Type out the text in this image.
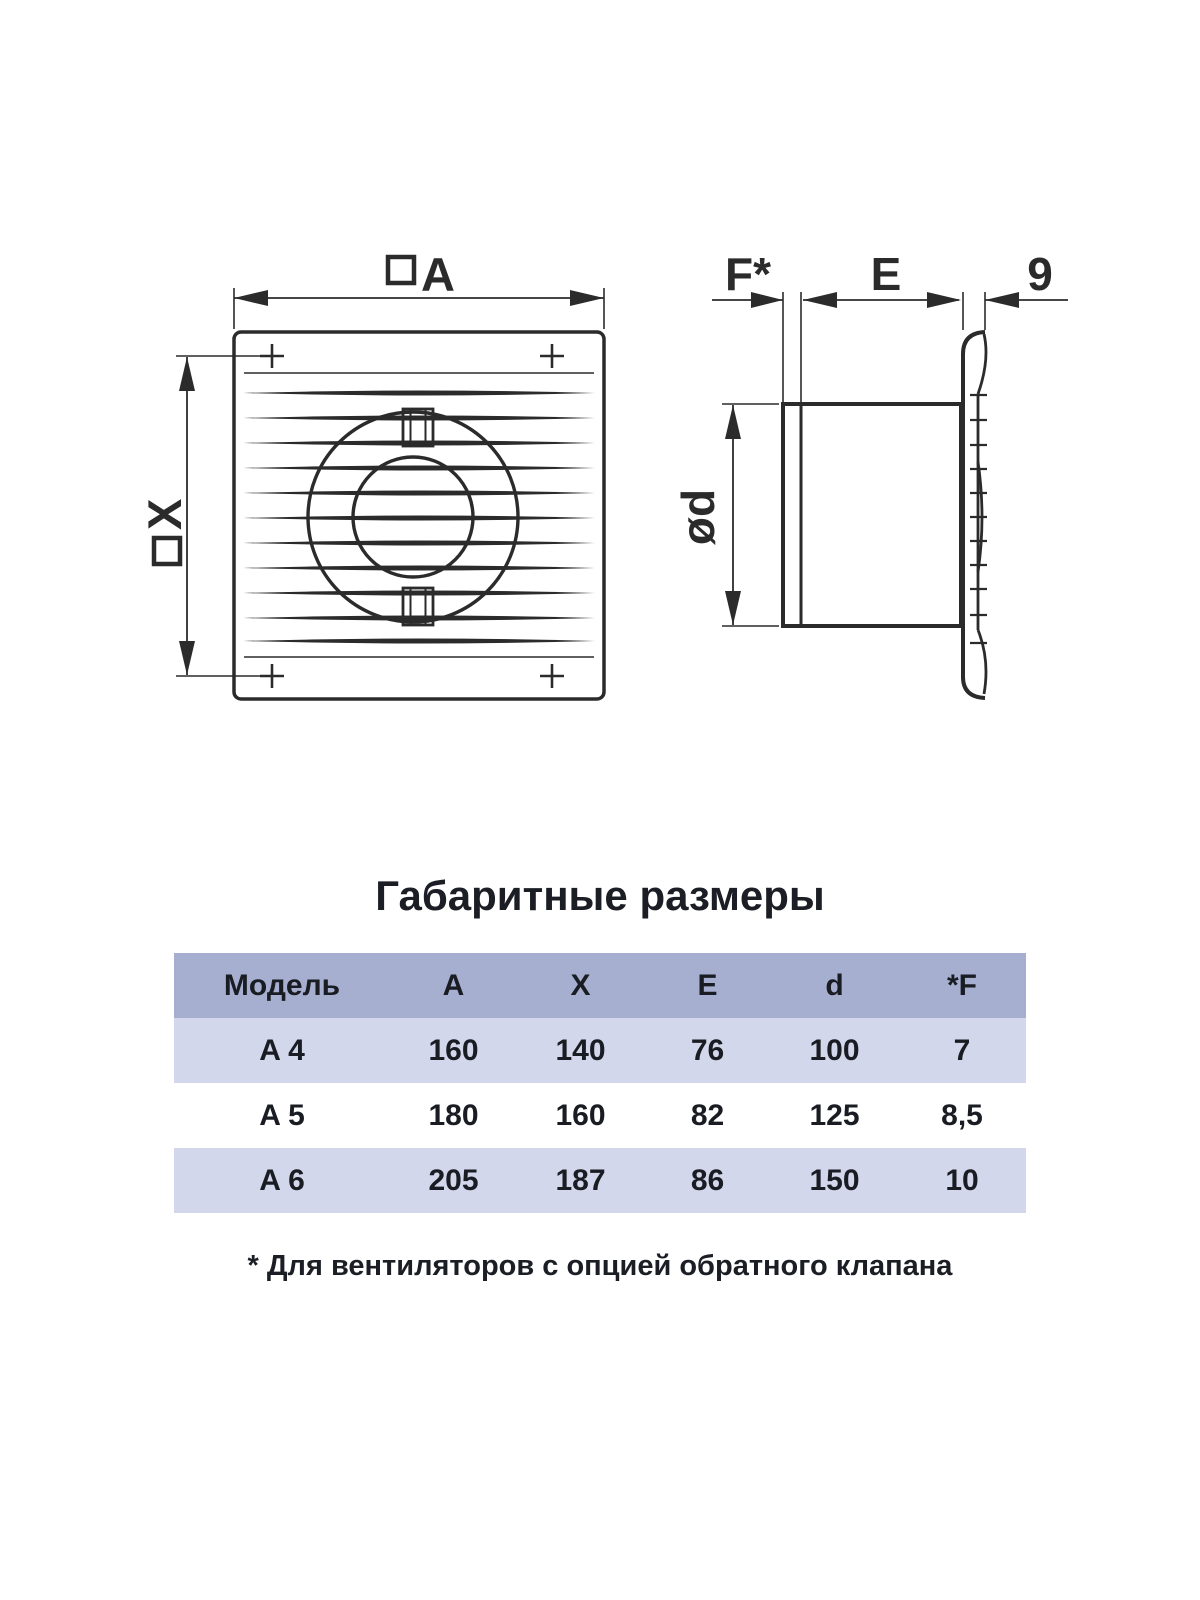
A
X
F* E	9
ød
Габаритные размеры
Модель	A	X	E	d	*F
A 4	160	140	76	100	7
A 5	180	160	82	125	8,5
A 6	205	187	86	150	10
* Для вентиляторов с опцией обратного клапана
